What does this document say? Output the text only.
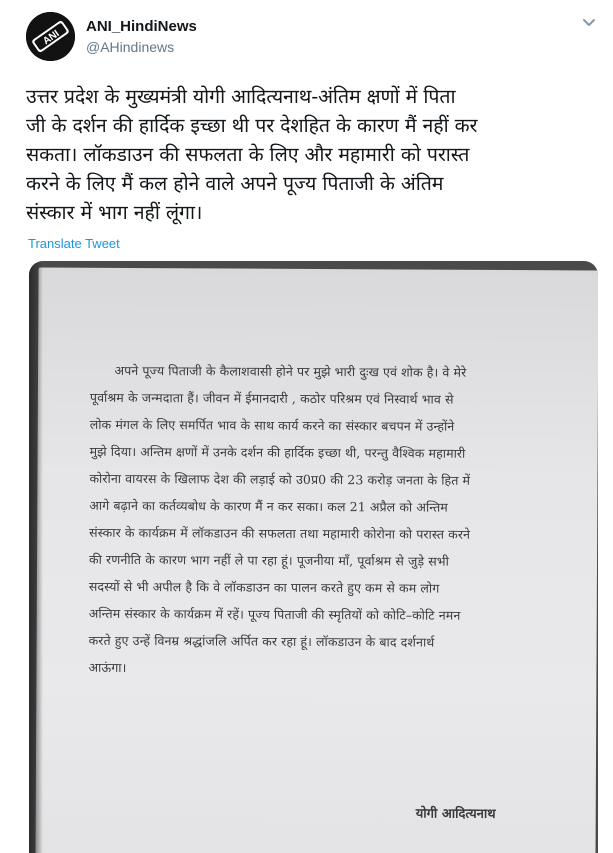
ANI
ANI_HindiNews
@AHindinews
उत्तर प्रदेश के मुख्यमंत्री योगी आदित्यनाथ-अंतिम क्षणों में पिता
जी के दर्शन की हार्दिक इच्छा थी पर देशहित के कारण मैं नहीं कर
सकता। लॉकडाउन की सफलता के लिए और महामारी को परास्त
करने के लिए मैं कल होने वाले अपने पूज्य पिताजी के अंतिम
संस्कार में भाग नहीं लूंगा।
Translate Tweet
अपने पूज्य पिताजी के कैलाशवासी होने पर मुझे भारी दुःख एवं शोक है। वे मेरे
पूर्वाश्रम के जन्मदाता हैं। जीवन में ईमानदारी , कठोर परिश्रम एवं निस्वार्थ भाव से
लोक मंगल के लिए समर्पित भाव के साथ कार्य करने का संस्कार बचपन में उन्होंने
मुझे दिया। अन्तिम क्षणों में उनके दर्शन की हार्दिक इच्छा थी, परन्तु वैश्विक महामारी
कोरोना वायरस के खिलाफ देश की लड़ाई को उ0प्र0 की 23 करोड़ जनता के हित में
आगे बढ़ाने का कर्तव्यबोध के कारण मैं न कर सका। कल 21 अप्रैल को अन्तिम
संस्कार के कार्यक्रम में लॉकडाउन की सफलता तथा महामारी कोरोना को परास्त करने
की रणनीति के कारण भाग नहीं ले पा रहा हूं। पूजनीया माँ, पूर्वाश्रम से जुड़े सभी
सदस्यों से भी अपील है कि वे लॉकडाउन का पालन करते हुए कम से कम लोग
अन्तिम संस्कार के कार्यक्रम में रहें। पूज्य पिताजी की स्मृतियों को कोटि–कोटि नमन
करते हुए उन्हें विनम्र श्रद्धांजलि अर्पित कर रहा हूं। लॉकडाउन के बाद दर्शनार्थ
आऊंगा।
योगी आदित्यनाथ
